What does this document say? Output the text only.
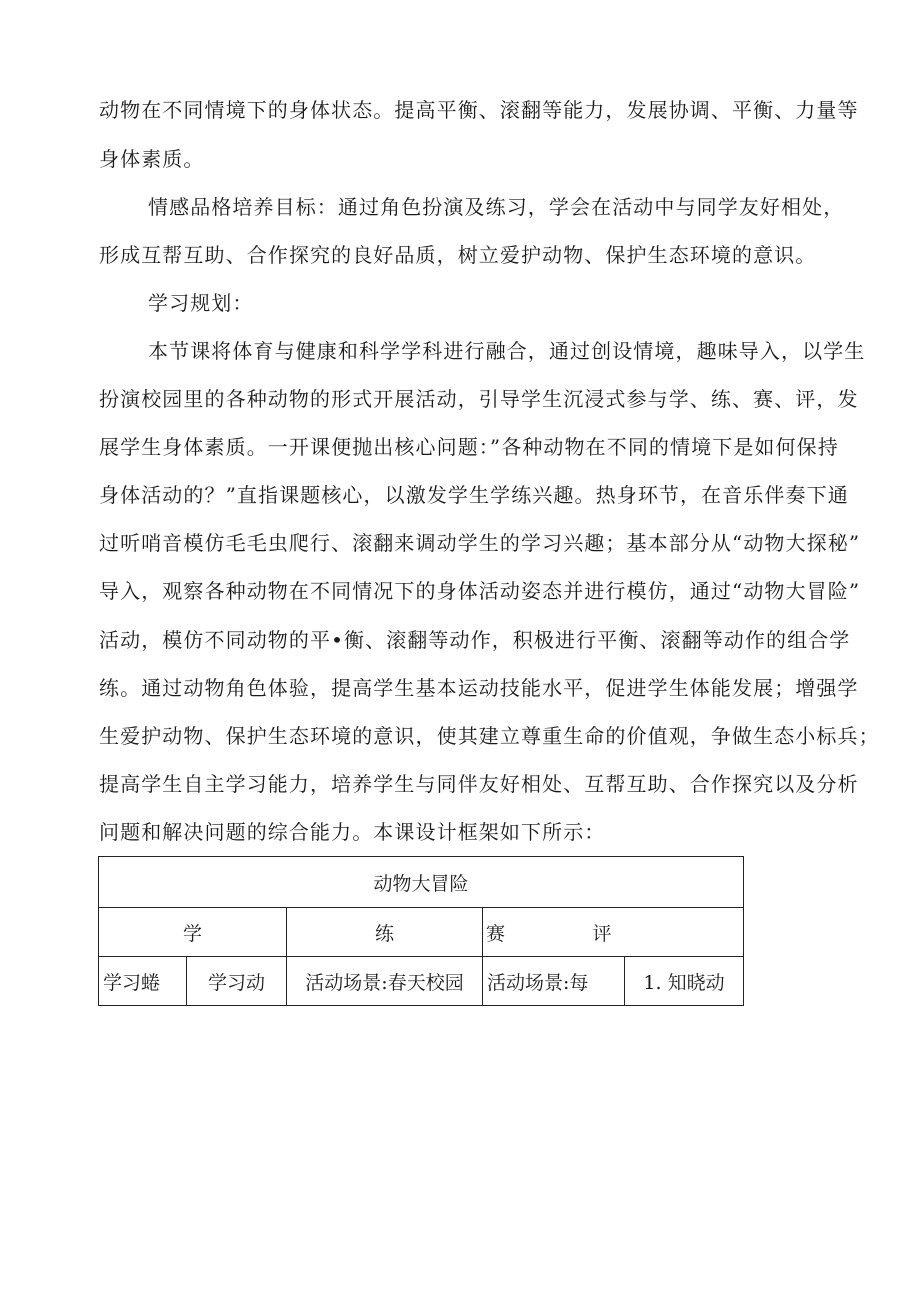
动物在不同情境下的身体状态。提高平衡、滚翻等能力，发展协调、平衡、力量等
身体素质。
情感品格培养目标：通过角色扮演及练习，学会在活动中与同学友好相处，
形成互帮互助、合作探究的良好品质，树立爱护动物、保护生态环境的意识。
学习规划：
本节课将体育与健康和科学学科进行融合，通过创设情境，趣味导入，以学生
扮演校园里的各种动物的形式开展活动，引导学生沉浸式参与学、练、赛、评，发
展学生身体素质。一开课便抛出核心问题：”各种动物在不同的情境下是如何保持
身体活动的？”直指课题核心，以激发学生学练兴趣。热身环节，在音乐伴奏下通
过听哨音模仿毛毛虫爬行、滚翻来调动学生的学习兴趣；基本部分从“动物大探秘”
导入，观察各种动物在不同情况下的身体活动姿态并进行模仿，通过“动物大冒险”
活动，模仿不同动物的平•衡、滚翻等动作，积极进行平衡、滚翻等动作的组合学
练。通过动物角色体验，提高学生基本运动技能水平，促进学生体能发展；增强学
生爱护动物、保护生态环境的意识，使其建立尊重生命的价值观，争做生态小标兵；
提高学生自主学习能力，培养学生与同伴友好相处、互帮互助、合作探究以及分析
问题和解决问题的综合能力。本课设计框架如下所示：
动物大冒险					
学		练	赛	评	
学习蜷	学习动	活动场景:春天校园	活动场景:每		1. 知晓动
